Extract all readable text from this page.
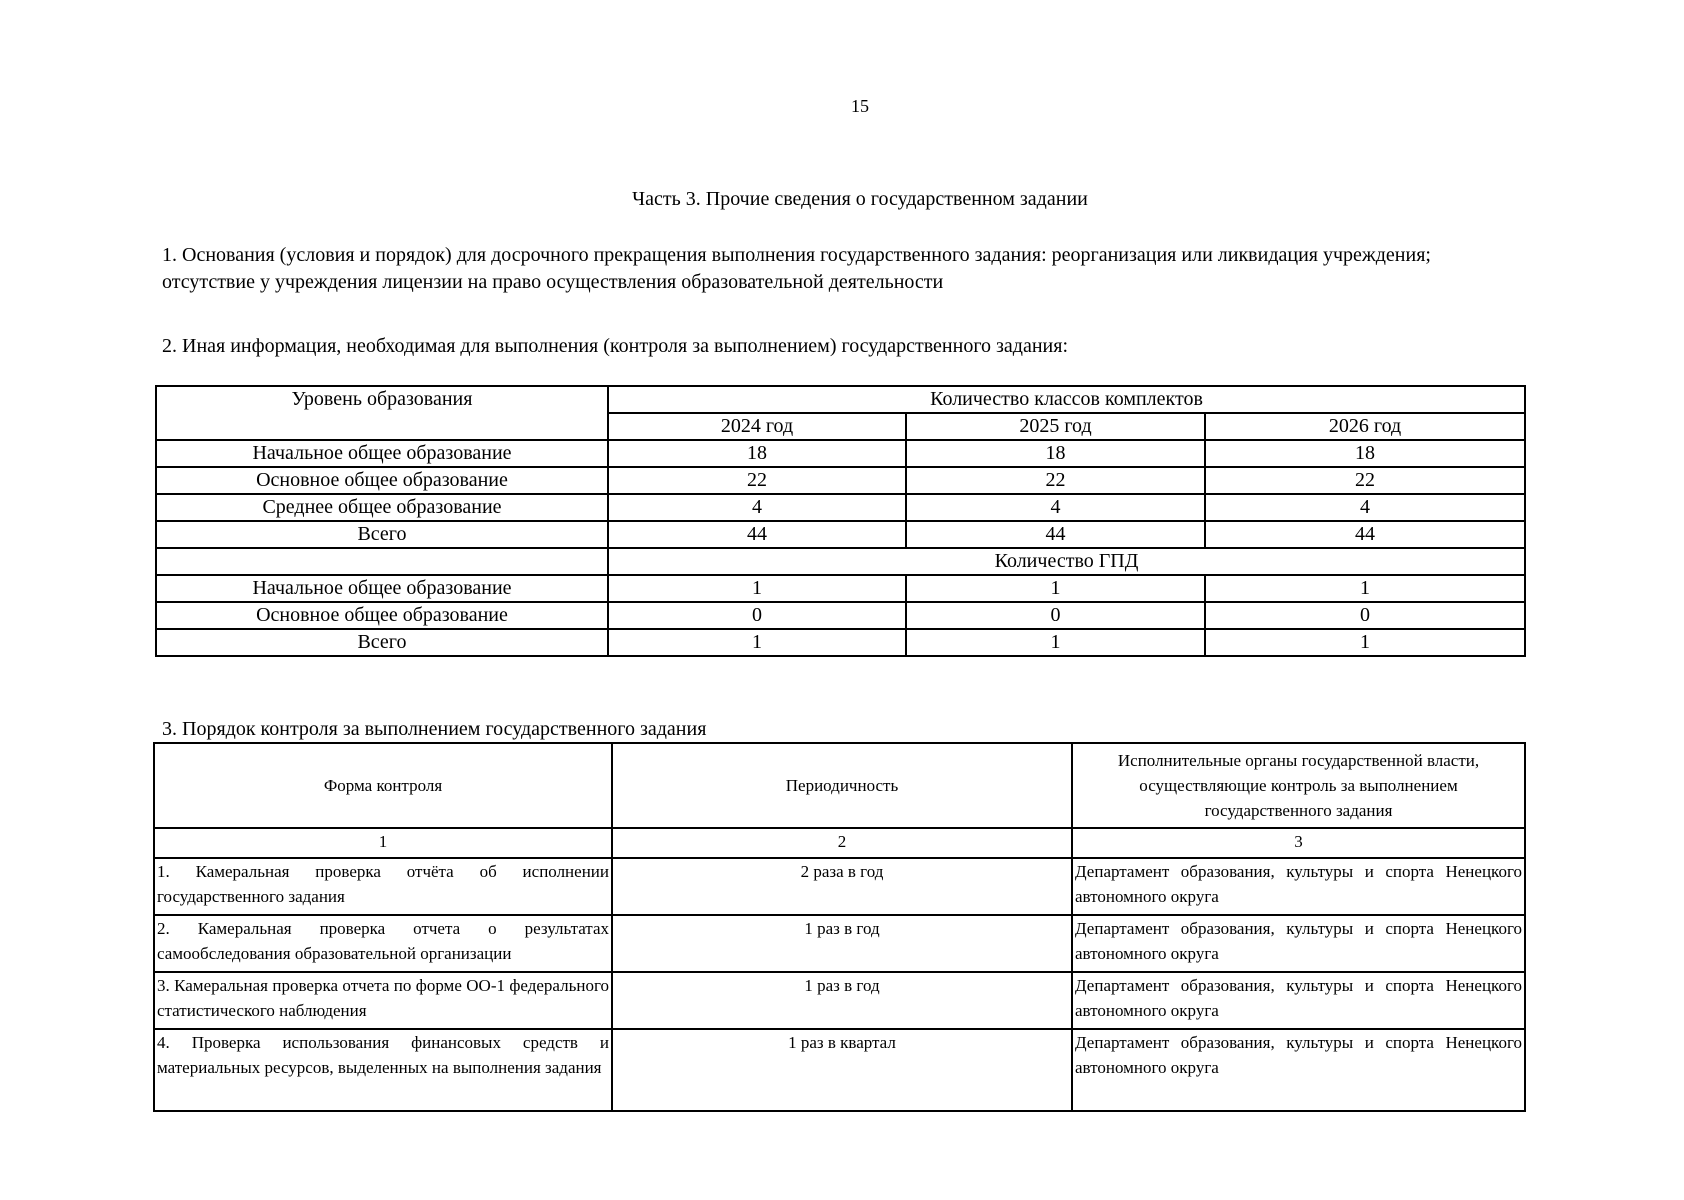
15
Часть 3. Прочие сведения о государственном задании
1. Основания (условия и порядок) для досрочного прекращения выполнения государственного задания: реорганизация или ликвидация учреждения; отсутствие у учреждения лицензии на право осуществления образовательной деятельности
2. Иная информация, необходимая для выполнения (контроля за выполнением) государственного задания:
Уровень образования	Количество классов комплектов		
	2024 год	2025 год	2026 год
Начальное общее образование	18	18	18
Основное общее образование	22	22	22
Среднее общее образование	4	4	4
Всего	44	44	44
	Количество ГПД		
Начальное общее образование	1	1	1
Основное общее образование	0	0	0
Всего	1	1	1
3. Порядок контроля за выполнением государственного задания
Форма контроля	Периодичность	Исполнительные органы государственной власти, осуществляющие контроль за выполнением государственного задания

1	2	3
1. Камеральная проверка отчёта об исполнении государственного задания	2 раза в год	Департамент образования, культуры и спорта Ненецкого автономного округа
2. Камеральная проверка отчета о результатах самообследования образовательной организации	1 раз в год	Департамент образования, культуры и спорта Ненецкого автономного округа
3. Камеральная проверка отчета по форме ОО-1 федерального статистического наблюдения	1 раз в год	Департамент образования, культуры и спорта Ненецкого автономного округа
4. Проверка использования финансовых средств и материальных ресурсов, выделенных на выполнения задания	1 раз в квартал	Департамент образования, культуры и спорта Ненецкого автономного округа
